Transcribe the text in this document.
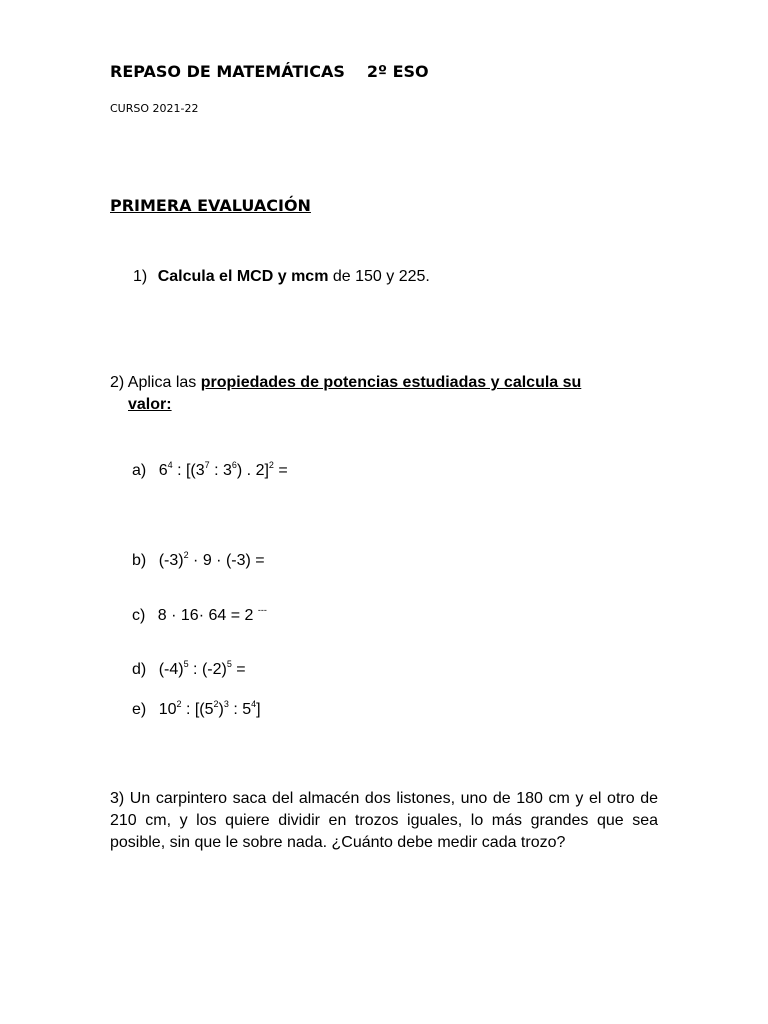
REPASO DE MATEMÁTICAS 2º ESO
CURSO 2021-22
PRIMERA EVALUACIÓN
1) Calcula el MCD y mcm de 150 y 225.
2) Aplica las propiedades de potencias estudiadas y calcula su
valor:
a) $6^4$ : [($3^7$ : $3^6$) . 2]$^2$ =
b) $(-3)^2 \cdot 9 \cdot (-3)$ =
c) 8 · 16· 64 = 2 ---
d) $(-4)^5$ : $(-2)^5$ =
e) $10^2$ : [$(5^2)^3$ : $5^4$]
3) Un carpintero saca del almacén dos listones, uno de 180 cm y el otro de 210 cm, y los quiere dividir en trozos iguales, lo más grandes que sea posible, sin que le sobre nada. ¿Cuánto debe medir cada trozo?
